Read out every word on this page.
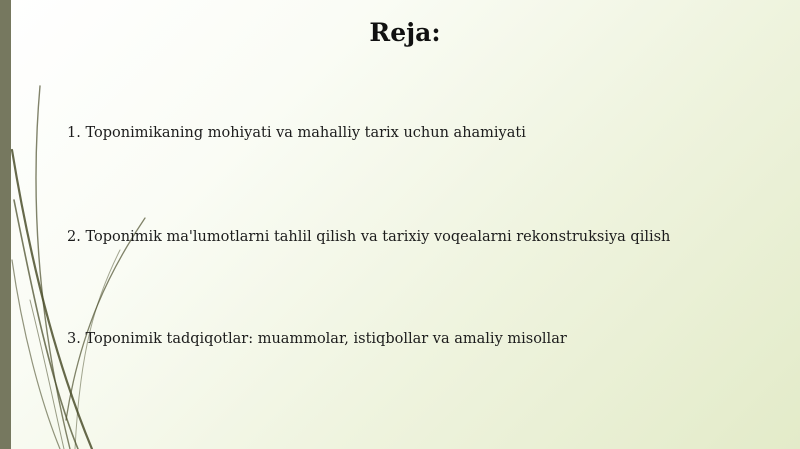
Reja:

1. Toponimikaning mohiyati va mahalliy tarix uchun ahamiyati

2. Toponimik ma'lumotlarni tahlil qilish va tarixiy voqealarni rekonstruksiya qilish

3. Toponimik tadqiqotlar: muammolar, istiqbollar va amaliy misollar
